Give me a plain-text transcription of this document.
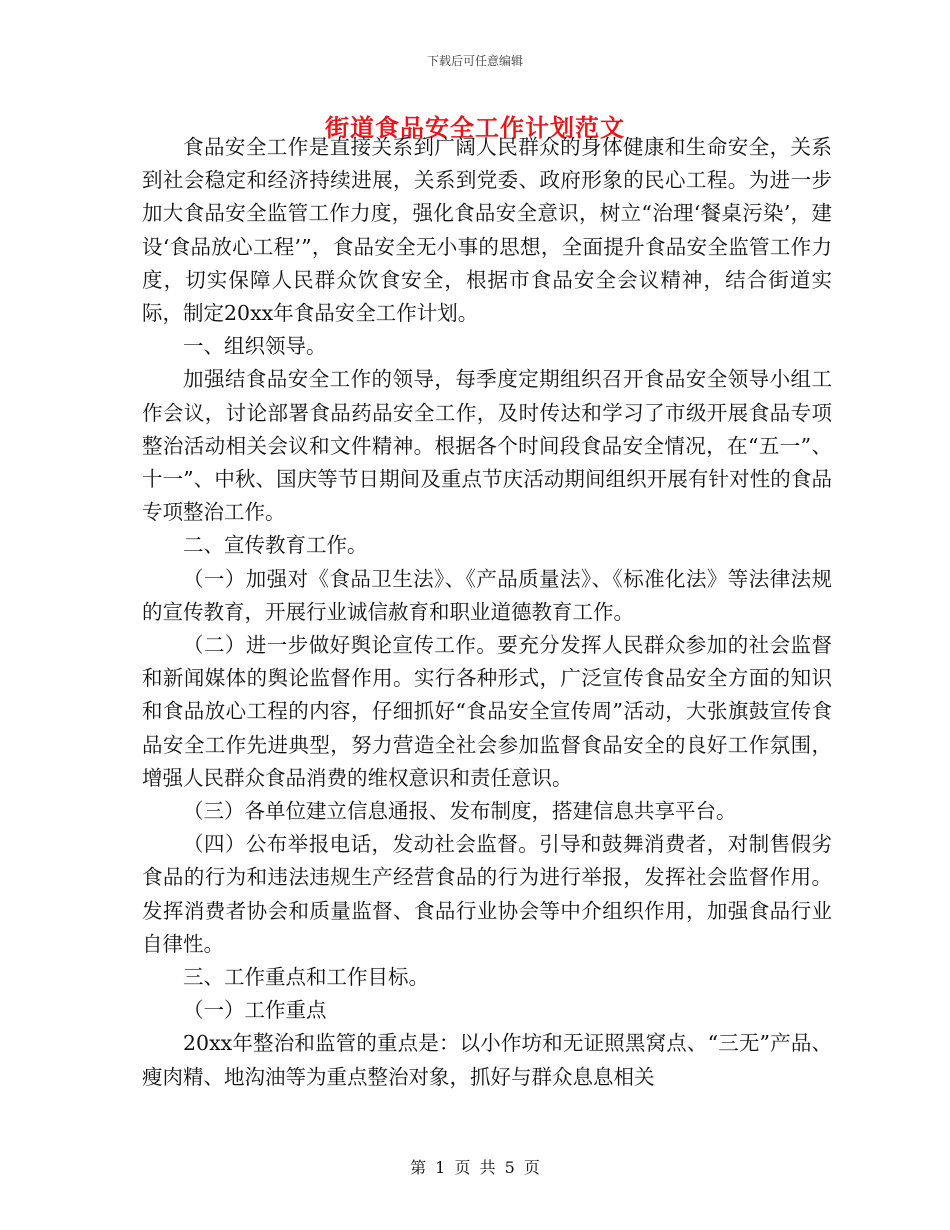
下载后可任意编辑
街道食品安全工作计划范文

食品安全工作是直接关系到广阔人民群众的身体健康和生命安全，关系到社会稳定和经济持续进展，关系到党委、政府形象的民心工程。为进一步加大食品安全监管工作力度，强化食品安全意识，树立“治理‘餐桌污染’，建设‘食品放心工程’”，食品安全无小事的思想，全面提升食品安全监管工作力度，切实保障人民群众饮食安全，根据市食品安全会议精神，结合街道实际，制定20xx年食品安全工作计划。

一、组织领导。

加强结食品安全工作的领导，每季度定期组织召开食品安全领导小组工作会议，讨论部署食品药品安全工作，及时传达和学习了市级开展食品专项整治活动相关会议和文件精神。根据各个时间段食品安全情况，在“五一”、十一”、中秋、国庆等节日期间及重点节庆活动期间组织开展有针对性的食品专项整治工作。

二、宣传教育工作。

（一）加强对《食品卫生法》、《产品质量法》、《标准化法》等法律法规的宣传教育，开展行业诚信赦育和职业道德教育工作。

（二）进一步做好舆论宣传工作。要充分发挥人民群众参加的社会监督和新闻媒体的舆论监督作用。实行各种形式，广泛宣传食品安全方面的知识和食品放心工程的内容，仔细抓好“食品安全宣传周”活动，大张旗鼓宣传食品安全工作先进典型，努力营造全社会参加监督食品安全的良好工作氛围，增强人民群众食品消费的维权意识和责任意识。

（三）各单位建立信息通报、发布制度，搭建信息共享平台。

（四）公布举报电话，发动社会监督。引导和鼓舞消费者，对制售假劣食品的行为和违法违规生产经营食品的行为进行举报，发挥社会监督作用。发挥消费者协会和质量监督、食品行业协会等中介组织作用，加强食品行业自律性。

三、工作重点和工作目标。

（一）工作重点

20xx年整治和监管的重点是：以小作坊和无证照黑窝点、“三无”产品、瘦肉精、地沟油等为重点整治对象，抓好与群众息息相关

第 1 页 共 5 页
